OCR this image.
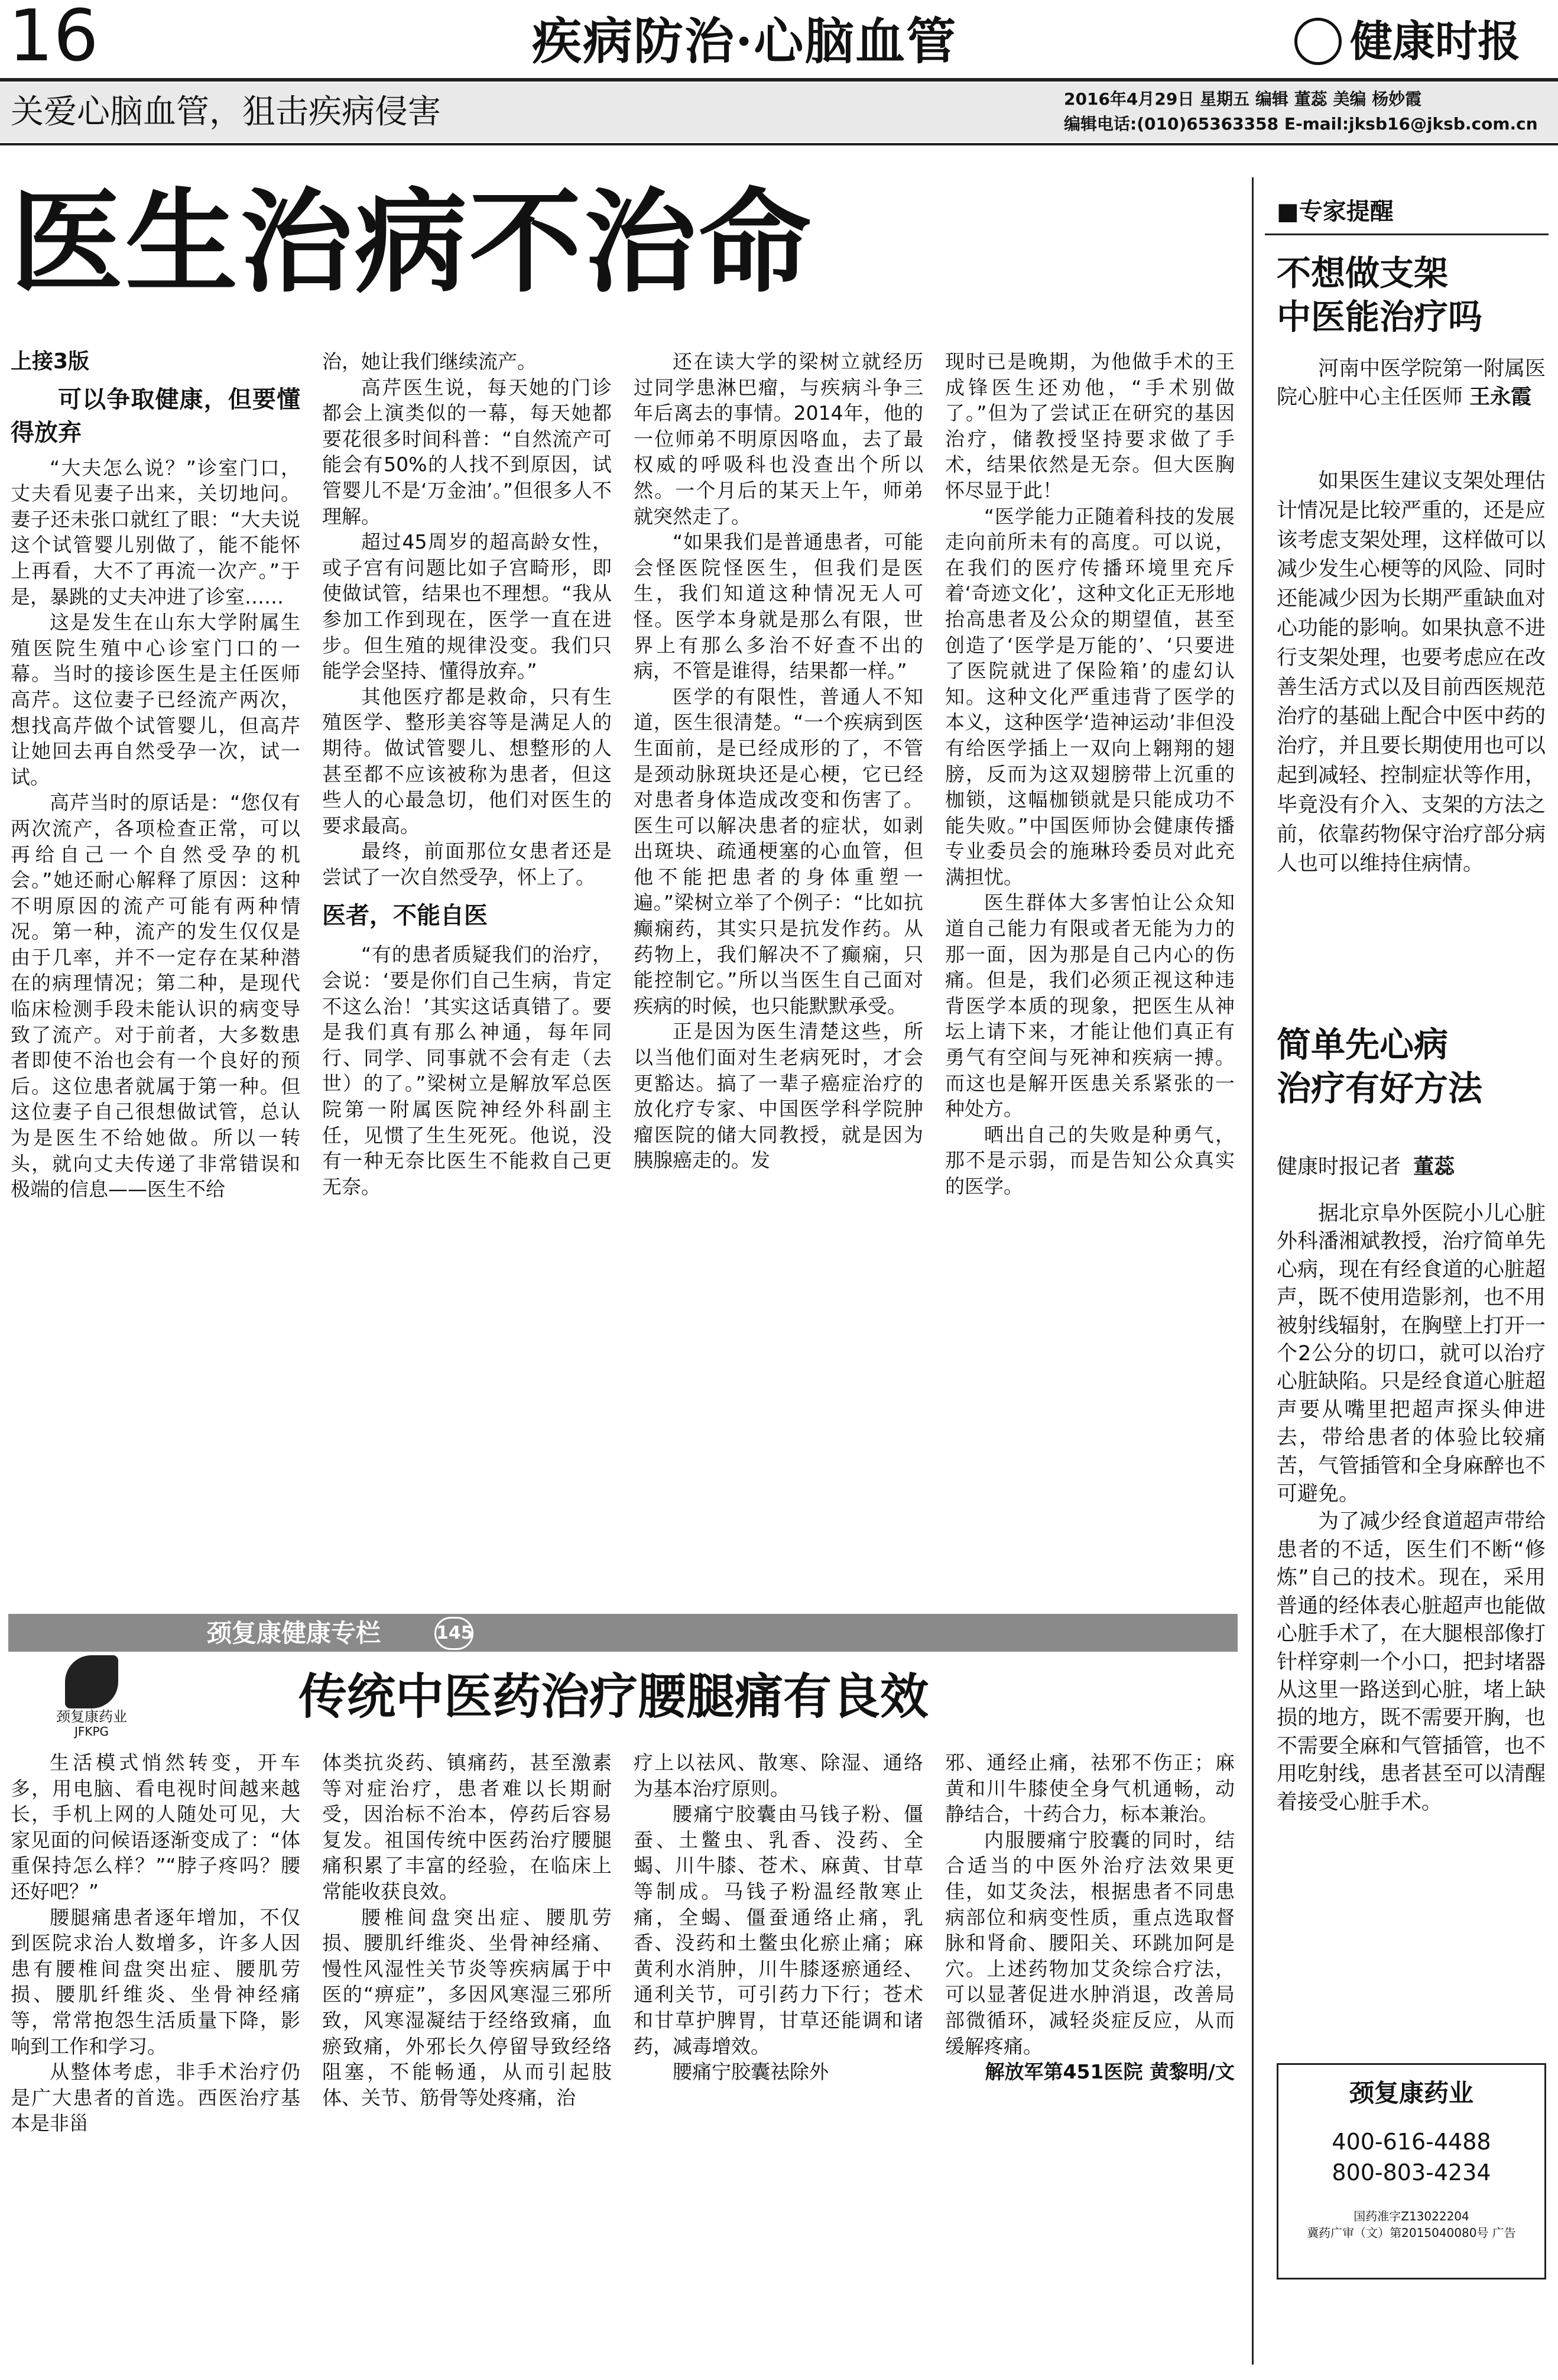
16	疾病防治·心脑血管	健康时报
关爱心脑血管，狙击疾病侵害	2016年4月29日 星期五 编辑 董蕊 美编 杨妙霞
编辑电话:(010)65363358 E-mail:jksb16@jksb.com.cn
医生治病不治命
上接3版
可以争取健康，但要懂得放弃

“大夫怎么说？”诊室门口，丈夫看见妻子出来，关切地问。妻子还未张口就红了眼：“大夫说这个试管婴儿别做了，能不能怀上再看，大不了再流一次产。”于是，暴跳的丈夫冲进了诊室……

这是发生在山东大学附属生殖医院生殖中心诊室门口的一幕。当时的接诊医生是主任医师高芹。这位妻子已经流产两次，想找高芹做个试管婴儿，但高芹让她回去再自然受孕一次，试一试。

高芹当时的原话是：“您仅有两次流产，各项检查正常，可以再给自己一个自然受孕的机会。”她还耐心解释了原因：这种不明原因的流产可能有两种情况。第一种，流产的发生仅仅是由于几率，并不一定存在某种潜在的病理情况；第二种，是现代临床检测手段未能认识的病变导致了流产。对于前者，大多数患者即使不治也会有一个良好的预后。这位患者就属于第一种。但这位妻子自己很想做试管，总认为是医生不给她做。所以一转头，就向丈夫传递了非常错误和极端的信息——医生不给

治，她让我们继续流产。

高芹医生说，每天她的门诊都会上演类似的一幕，每天她都要花很多时间科普：“自然流产可能会有50%的人找不到原因，试管婴儿不是‘万金油’。”但很多人不理解。

超过45周岁的超高龄女性，或子宫有问题比如子宫畸形，即使做试管，结果也不理想。“我从参加工作到现在，医学一直在进步。但生殖的规律没变。我们只能学会坚持、懂得放弃。”

其他医疗都是救命，只有生殖医学、整形美容等是满足人的期待。做试管婴儿、想整形的人甚至都不应该被称为患者，但这些人的心最急切，他们对医生的要求最高。

最终，前面那位女患者还是尝试了一次自然受孕，怀上了。

医者，不能自医

“有的患者质疑我们的治疗，会说：‘要是你们自己生病，肯定不这么治！’其实这话真错了。要是我们真有那么神通，每年同行、同学、同事就不会有走（去世）的了。”梁树立是解放军总医院第一附属医院神经外科副主任，见惯了生生死死。他说，没有一种无奈比医生不能救自己更无奈。

还在读大学的梁树立就经历过同学患淋巴瘤，与疾病斗争三年后离去的事情。2014年，他的一位师弟不明原因咯血，去了最权威的呼吸科也没查出个所以然。一个月后的某天上午，师弟就突然走了。

“如果我们是普通患者，可能会怪医院怪医生，但我们是医生，我们知道这种情况无人可怪。医学本身就是那么有限，世界上有那么多治不好查不出的病，不管是谁得，结果都一样。”

医学的有限性，普通人不知道，医生很清楚。“一个疾病到医生面前，是已经成形的了，不管是颈动脉斑块还是心梗，它已经对患者身体造成改变和伤害了。医生可以解决患者的症状，如剥出斑块、疏通梗塞的心血管，但他不能把患者的身体重塑一遍。”梁树立举了个例子：“比如抗癫痫药，其实只是抗发作药。从药物上，我们解决不了癫痫，只能控制它。”所以当医生自己面对疾病的时候，也只能默默承受。

正是因为医生清楚这些，所以当他们面对生老病死时，才会更豁达。搞了一辈子癌症治疗的放化疗专家、中国医学科学院肿瘤医院的储大同教授，就是因为胰腺癌走的。发

现时已是晚期，为他做手术的王成锋医生还劝他，“手术别做了。”但为了尝试正在研究的基因治疗，储教授坚持要求做了手术，结果依然是无奈。但大医胸怀尽显于此！

“医学能力正随着科技的发展走向前所未有的高度。可以说，在我们的医疗传播环境里充斥着‘奇迹文化’，这种文化正无形地抬高患者及公众的期望值，甚至创造了‘医学是万能的’、‘只要进了医院就进了保险箱’的虚幻认知。这种文化严重违背了医学的本义，这种医学‘造神运动’非但没有给医学插上一双向上翱翔的翅膀，反而为这双翅膀带上沉重的枷锁，这幅枷锁就是只能成功不能失败。”中国医师协会健康传播专业委员会的施琳玲委员对此充满担忧。

医生群体大多害怕让公众知道自己能力有限或者无能为力的那一面，因为那是自己内心的伤痛。但是，我们必须正视这种违背医学本质的现象，把医生从神坛上请下来，才能让他们真正有勇气有空间与死神和疾病一搏。而这也是解开医患关系紧张的一种处方。

晒出自己的失败是种勇气，那不是示弱，而是告知公众真实的医学。

颈复康健康专栏	145
颈复康药业
JFKPG
传统中医药治疗腰腿痛有良效

生活模式悄然转变，开车多，用电脑、看电视时间越来越长，手机上网的人随处可见，大家见面的问候语逐渐变成了：“体重保持怎么样？”“脖子疼吗？腰还好吧？”

腰腿痛患者逐年增加，不仅到医院求治人数增多，许多人因患有腰椎间盘突出症、腰肌劳损、腰肌纤维炎、坐骨神经痛等，常常抱怨生活质量下降，影响到工作和学习。

从整体考虑，非手术治疗仍是广大患者的首选。西医治疗基本是非甾

体类抗炎药、镇痛药，甚至激素等对症治疗，患者难以长期耐受，因治标不治本，停药后容易复发。祖国传统中医药治疗腰腿痛积累了丰富的经验，在临床上常能收获良效。

腰椎间盘突出症、腰肌劳损、腰肌纤维炎、坐骨神经痛、慢性风湿性关节炎等疾病属于中医的“痹症”，多因风寒湿三邪所致，风寒湿凝结于经络致痛，血瘀致痛，外邪长久停留导致经络阻塞，不能畅通，从而引起肢体、关节、筋骨等处疼痛，治

疗上以祛风、散寒、除湿、通络为基本治疗原则。

腰痛宁胶囊由马钱子粉、僵蚕、土鳖虫、乳香、没药、全蝎、川牛膝、苍术、麻黄、甘草等制成。马钱子粉温经散寒止痛，全蝎、僵蚕通络止痛，乳香、没药和土鳖虫化瘀止痛；麻黄利水消肿，川牛膝逐瘀通经、通利关节，可引药力下行；苍术和甘草护脾胃，甘草还能调和诸药，减毒增效。

腰痛宁胶囊祛除外

邪、通经止痛，祛邪不伤正；麻黄和川牛膝使全身气机通畅，动静结合，十药合力，标本兼治。

内服腰痛宁胶囊的同时，结合适当的中医外治疗法效果更佳，如艾灸法，根据患者不同患病部位和病变性质，重点选取督脉和肾俞、腰阳关、环跳加阿是穴。上述药物加艾灸综合疗法，可以显著促进水肿消退，改善局部微循环，减轻炎症反应，从而缓解疼痛。

解放军第451医院 黄黎明/文

■专家提醒
不想做支架
中医能治疗吗
河南中医学院第一附属医院心脏中心主任医师 王永霞

如果医生建议支架处理估计情况是比较严重的，还是应该考虑支架处理，这样做可以减少发生心梗等的风险、同时还能减少因为长期严重缺血对心功能的影响。如果执意不进行支架处理，也要考虑应在改善生活方式以及目前西医规范治疗的基础上配合中医中药的治疗，并且要长期使用也可以起到减轻、控制症状等作用，毕竟没有介入、支架的方法之前，依靠药物保守治疗部分病人也可以维持住病情。

简单先心病
治疗有好方法
健康时报记者 董蕊

据北京阜外医院小儿心脏外科潘湘斌教授，治疗简单先心病，现在有经食道的心脏超声，既不使用造影剂，也不用被射线辐射，在胸壁上打开一个2公分的切口，就可以治疗心脏缺陷。只是经食道心脏超声要从嘴里把超声探头伸进去，带给患者的体验比较痛苦，气管插管和全身麻醉也不可避免。

为了减少经食道超声带给患者的不适，医生们不断“修炼”自己的技术。现在，采用普通的经体表心脏超声也能做心脏手术了，在大腿根部像打针样穿刺一个小口，把封堵器从这里一路送到心脏，堵上缺损的地方，既不需要开胸，也不需要全麻和气管插管，也不用吃射线，患者甚至可以清醒着接受心脏手术。

颈复康药业
400-616-4488
800-803-4234
国药准字Z13022204
冀药广审（文）第2015040080号 广告
